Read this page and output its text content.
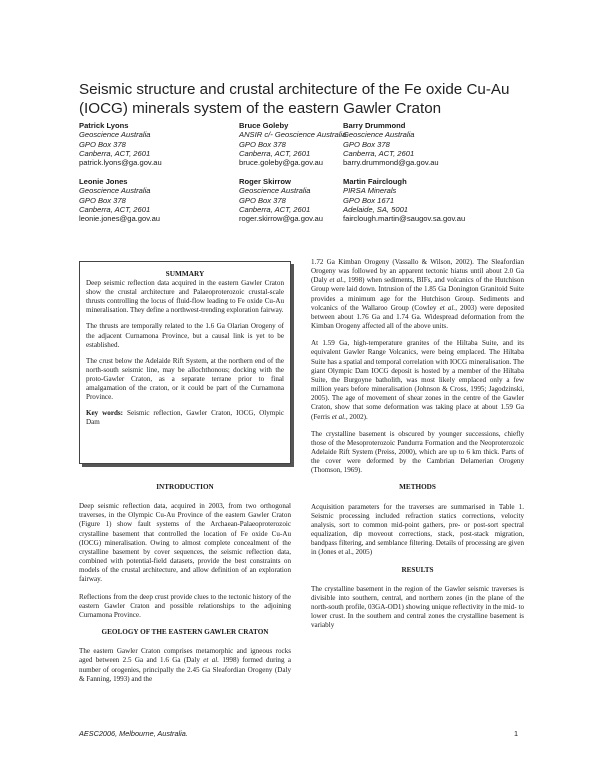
Seismic structure and crustal architecture of the Fe oxide Cu-Au (IOCG) minerals system of the eastern Gawler Craton
Patrick Lyons
Geoscience Australia
GPO Box 378
Canberra, ACT, 2601
patrick.lyons@ga.gov.au
Bruce Goleby
ANSIR c/- Geoscience Australia
GPO Box 378
Canberra, ACT, 2601
bruce.goleby@ga.gov.au
Barry Drummond
Geoscience Australia
GPO Box 378
Canberra, ACT, 2601
barry.drummond@ga.gov.au
Leonie Jones
Geoscience Australia
GPO Box 378
Canberra, ACT, 2601
leonie.jones@ga.gov.au
Roger Skirrow
Geoscience Australia
GPO Box 378
Canberra, ACT, 2601
roger.skirrow@ga.gov.au
Martin Fairclough
PIRSA Minerals
GPO Box 1671
Adelaide, SA, 5001
fairclough.martin@saugov.sa.gov.au
SUMMARY

Deep seismic reflection data acquired in the eastern Gawler Craton show the crustal architecture and Palaeoproterozoic crustal-scale thrusts controlling the locus of fluid-flow leading to Fe oxide Cu-Au mineralisation. They define a northwest-trending exploration fairway.

The thrusts are temporally related to the 1.6 Ga Olarian Orogeny of the adjacent Curnamona Province, but a causal link is yet to be established.

The crust below the Adelaide Rift System, at the northern end of the north-south seismic line, may be allochthonous; docking with the proto-Gawler Craton, as a separate terrane prior to final amalgamation of the craton, or it could be part of the Curnamona Province.

Key words: Seismic reflection, Gawler Craton, IOCG, Olympic Dam

INTRODUCTION

Deep seismic reflection data, acquired in 2003, from two orthogonal traverses, in the Olympic Cu-Au Province of the eastern Gawler Craton (Figure 1) show fault systems of the Archaean-Palaeoproterozoic crystalline basement that controlled the location of Fe oxide Cu-Au (IOCG) mineralisation. Owing to almost complete concealment of the crystalline basement by cover sequences, the seismic reflection data, combined with potential-field datasets, provide the best constraints on models of the crustal architecture, and allow definition of an exploration fairway.

Reflections from the deep crust provide clues to the tectonic history of the eastern Gawler Craton and possible relationships to the adjoining Curnamona Province.

GEOLOGY OF THE EASTERN GAWLER CRATON

The eastern Gawler Craton comprises metamorphic and igneous rocks aged between 2.5 Ga and 1.6 Ga (Daly et al. 1998) formed during a number of orogenies, principally the 2.45 Ga Sleafordian Orogeny (Daly & Fanning, 1993) and the

1.72 Ga Kimban Orogeny (Vassallo & Wilson, 2002). The Sleafordian Orogeny was followed by an apparent tectonic hiatus until about 2.0 Ga (Daly et al., 1998) when sediments, BIFs, and volcanics of the Hutchison Group were laid down. Intrusion of the 1.85 Ga Donington Granitoid Suite provides a minimum age for the Hutchison Group. Sediments and volcanics of the Wallaroo Group (Cowley et al., 2003) were deposited between about 1.76 Ga and 1.74 Ga. Widespread deformation from the Kimban Orogeny affected all of the above units.

At 1.59 Ga, high-temperature granites of the Hiltaba Suite, and its equivalent Gawler Range Volcanics, were being emplaced. The Hiltaba Suite has a spatial and temporal correlation with IOCG mineralisation. The giant Olympic Dam IOCG deposit is hosted by a member of the Hiltaba Suite, the Burgoyne batholith, was most likely emplaced only a few million years before mineralisation (Johnson & Cross, 1995; Jagodzinski, 2005). The age of movement of shear zones in the centre of the Gawler Craton, show that some deformation was taking place at about 1.59 Ga (Ferris et al., 2002).

The crystalline basement is obscured by younger successions, chiefly those of the Mesoproterozoic Pandurra Formation and the Neoproterozoic Adelaide Rift System (Preiss, 2000), which are up to 6 km thick. Parts of the cover were deformed by the Cambrian Delamerian Orogeny (Thomson, 1969).

METHODS

Acquisition parameters for the traverses are summarised in Table 1. Seismic processing included refraction statics corrections, velocity analysis, sort to common mid-point gathers, pre- or post-sort spectral equalization, dip moveout corrections, stack, post-stack migration, bandpass filtering, and semblance filtering. Details of processing are given in (Jones et al., 2005)

RESULTS

The crystalline basement in the region of the Gawler seismic traverses is divisible into southern, central, and northern zones (in the plane of the north-south profile, 03GA-OD1) showing unique reflectivity in the mid- to lower crust. In the southern and central zones the crystalline basement is variably

AESC2006, Melbourne, Australia.	1
